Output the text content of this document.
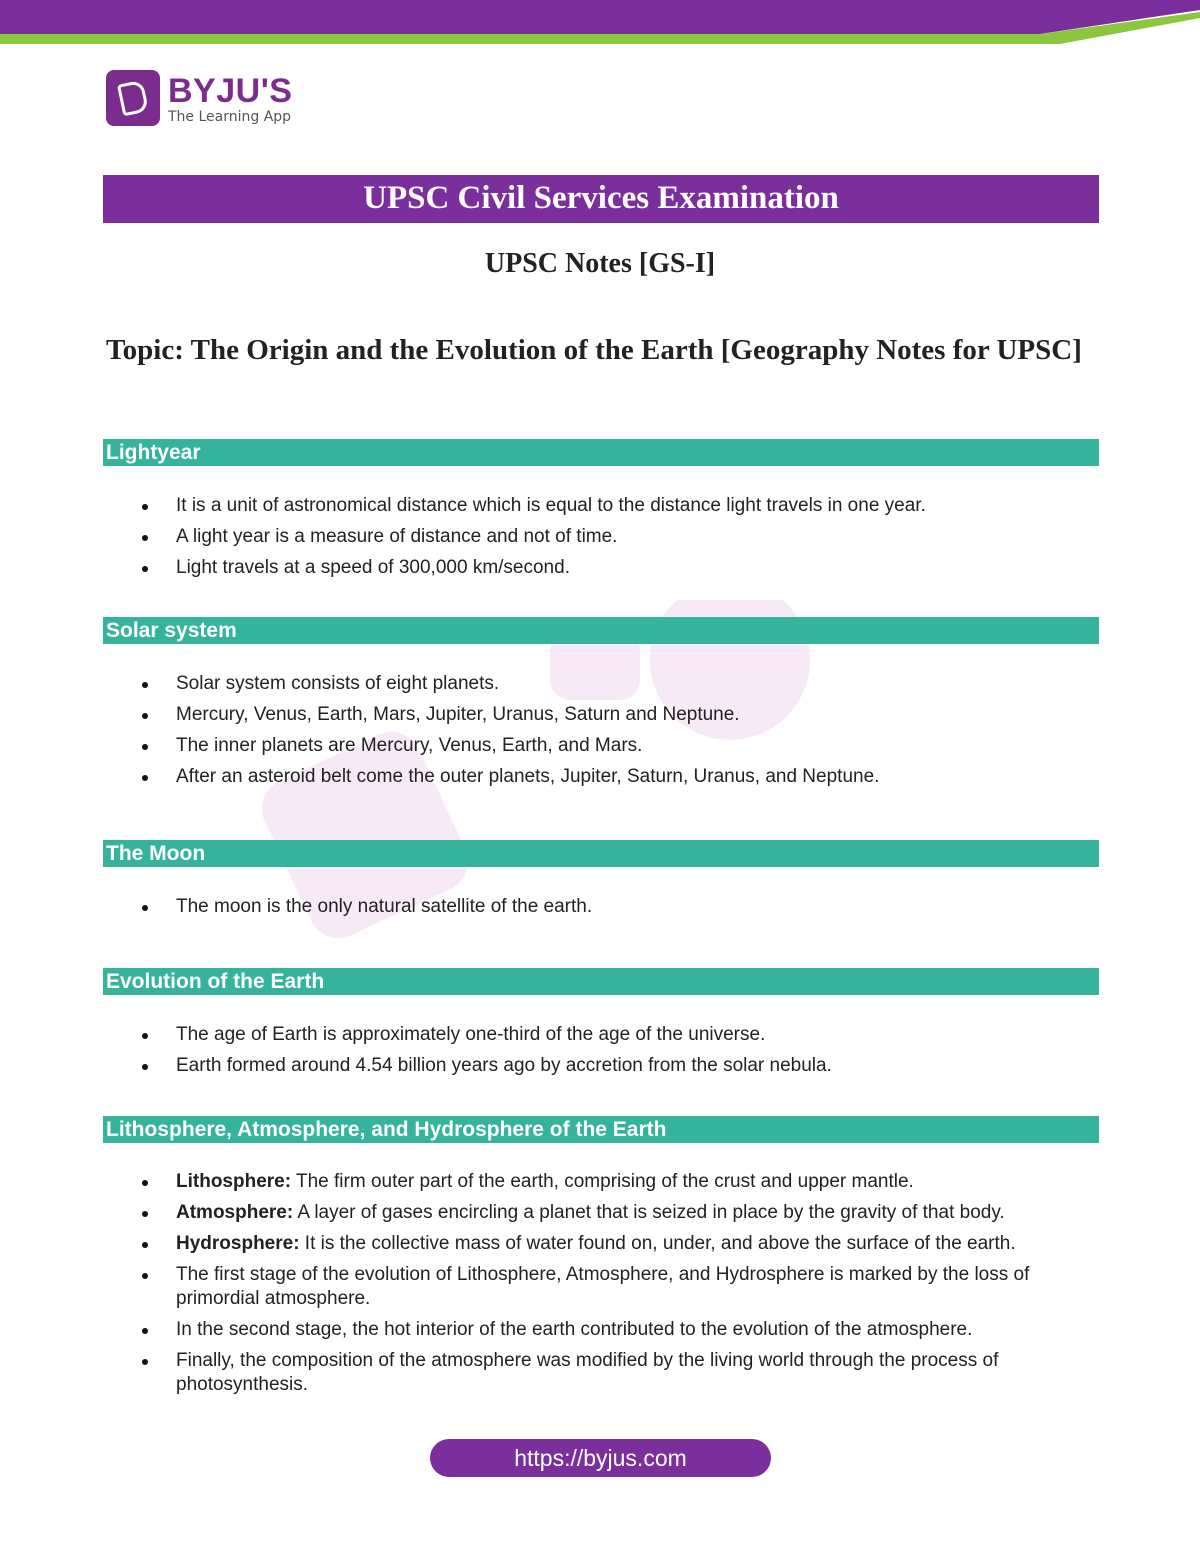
BYJU'S
The Learning App
UPSC Civil Services Examination
UPSC Notes [GS-I]
Topic: The Origin and the Evolution of the Earth [Geography Notes for UPSC]
Lightyear
It is a unit of astronomical distance which is equal to the distance light travels in one year.
A light year is a measure of distance and not of time.
Light travels at a speed of 300,000 km/second.
Solar system
Solar system consists of eight planets.
Mercury, Venus, Earth, Mars, Jupiter, Uranus, Saturn and Neptune.
The inner planets are Mercury, Venus, Earth, and Mars.
After an asteroid belt come the outer planets, Jupiter, Saturn, Uranus, and Neptune.
The Moon
The moon is the only natural satellite of the earth.
Evolution of the Earth
The age of Earth is approximately one-third of the age of the universe.
Earth formed around 4.54 billion years ago by accretion from the solar nebula.
Lithosphere, Atmosphere, and Hydrosphere of the Earth
Lithosphere: The firm outer part of the earth, comprising of the crust and upper mantle.
Atmosphere: A layer of gases encircling a planet that is seized in place by the gravity of that body.
Hydrosphere: It is the collective mass of water found on, under, and above the surface of the earth.
The first stage of the evolution of Lithosphere, Atmosphere, and Hydrosphere is marked by the loss of primordial atmosphere.
In the second stage, the hot interior of the earth contributed to the evolution of the atmosphere.
Finally, the composition of the atmosphere was modified by the living world through the process of photosynthesis.
https://byjus.com
